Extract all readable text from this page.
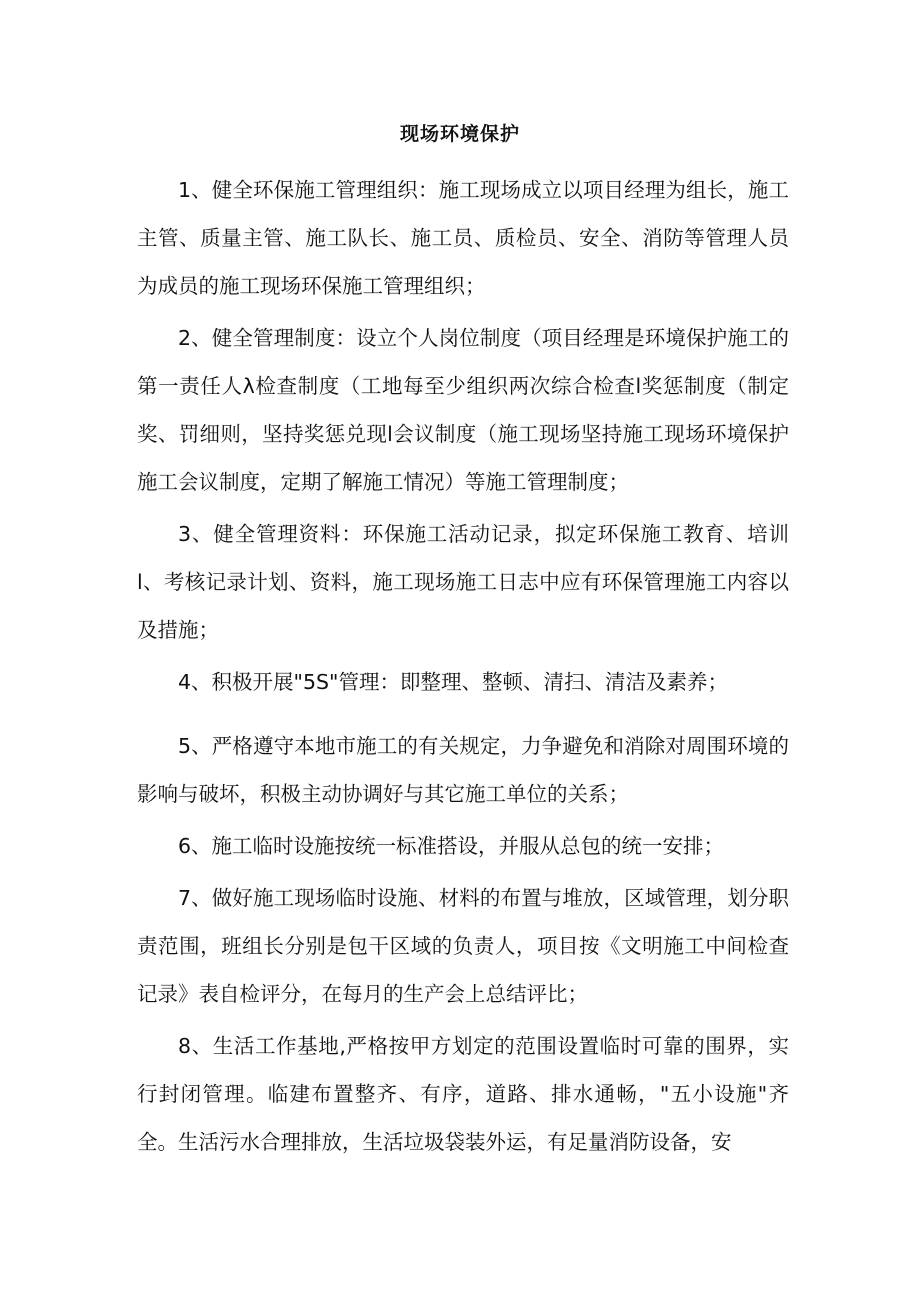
现场环境保护

1、健全环保施工管理组织：施工现场成立以项目经理为组长，施工主管、质量主管、施工队长、施工员、质检员、安全、消防等管理人员为成员的施工现场环保施工管理组织；

2、健全管理制度：设立个人岗位制度（项目经理是环境保护施工的第一责任人λ检查制度（工地每至少组织两次综合检查l奖惩制度（制定奖、罚细则，坚持奖惩兑现l会议制度（施工现场坚持施工现场环境保护施工会议制度，定期了解施工情况）等施工管理制度；

3、健全管理资料：环保施工活动记录，拟定环保施工教育、培训l、考核记录计划、资料，施工现场施工日志中应有环保管理施工内容以及措施；

4、积极开展"5S"管理：即整理、整顿、清扫、清洁及素养；

5、严格遵守本地市施工的有关规定，力争避免和消除对周围环境的影响与破坏，积极主动协调好与其它施工单位的关系；

6、施工临时设施按统一标准搭设，并服从总包的统一安排；

7、做好施工现场临时设施、材料的布置与堆放，区域管理，划分职责范围，班组长分别是包干区域的负责人，项目按《文明施工中间检查记录》表自检评分，在每月的生产会上总结评比；

8、生活工作基地,严格按甲方划定的范围设置临时可靠的围界，实行封闭管理。临建布置整齐、有序，道路、排水通畅，"五小设施"齐全。生活污水合理排放，生活垃圾袋装外运，有足量消防设备，安
